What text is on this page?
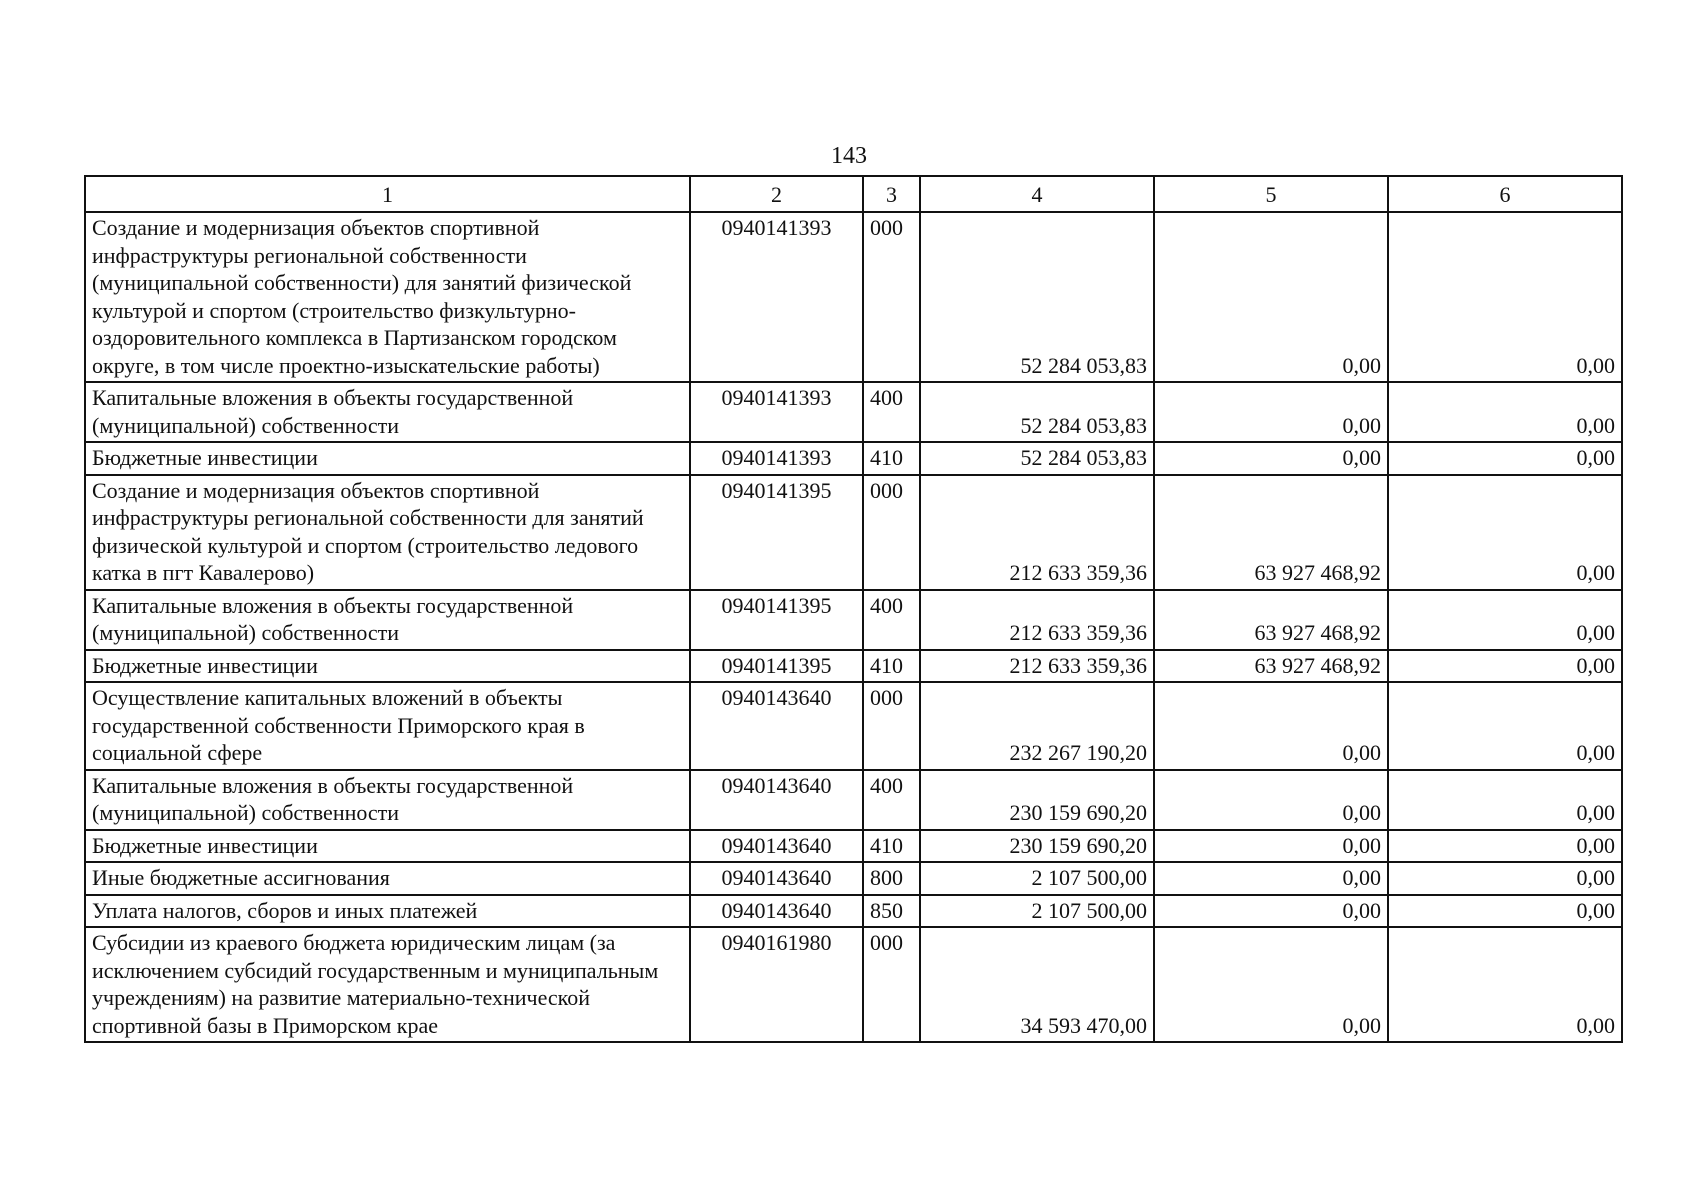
143
1	2	3	4	5	6
Создание и модернизация объектов спортивной инфраструктуры региональной собственности (муниципальной собственности) для занятий физической культурой и спортом (строительство физкультурно-оздоровительного комплекса в Партизанском городском округе, в том числе проектно-изыскательские работы)	0940141393	000	52 284 053,83	0,00	0,00
Капитальные вложения в объекты государственной (муниципальной) собственности	0940141393	400	52 284 053,83	0,00	0,00
Бюджетные инвестиции	0940141393	410	52 284 053,83	0,00	0,00
Создание и модернизация объектов спортивной инфраструктуры региональной собственности для занятий физической культурой и спортом (строительство ледового катка в пгт Кавалерово)	0940141395	000	212 633 359,36	63 927 468,92	0,00
Капитальные вложения в объекты государственной (муниципальной) собственности	0940141395	400	212 633 359,36	63 927 468,92	0,00
Бюджетные инвестиции	0940141395	410	212 633 359,36	63 927 468,92	0,00
Осуществление капитальных вложений в объекты государственной собственности Приморского края в социальной сфере	0940143640	000	232 267 190,20	0,00	0,00
Капитальные вложения в объекты государственной (муниципальной) собственности	0940143640	400	230 159 690,20	0,00	0,00
Бюджетные инвестиции	0940143640	410	230 159 690,20	0,00	0,00
Иные бюджетные ассигнования	0940143640	800	2 107 500,00	0,00	0,00
Уплата налогов, сборов и иных платежей	0940143640	850	2 107 500,00	0,00	0,00
Субсидии из краевого бюджета юридическим лицам (за исключением субсидий государственным и муниципальным учреждениям) на развитие материально-технической спортивной базы в Приморском крае	0940161980	000	34 593 470,00	0,00	0,00
